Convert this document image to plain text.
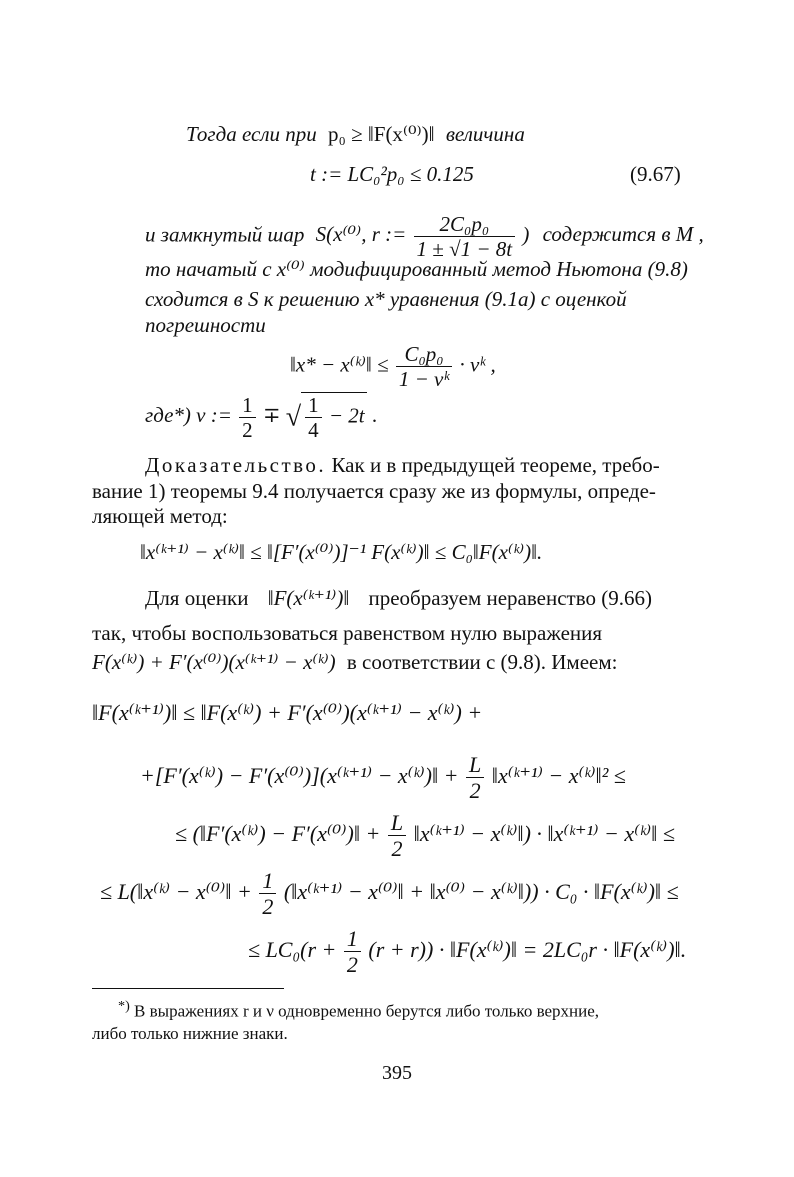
Тогда если при p₀ ≥ ‖F(x⁽⁰⁾)‖ величина
t := LC₀²p₀ ≤ 0.125	(9.67)
и замкнутый шар S(x⁽⁰⁾, r := $\frac{\text{2C₀p₀}}{1 \pm √1 - 8t}$ ) содержится в M ,
то начатый с x⁽⁰⁾ модифицированный метод Ньютона (9.8)
сходится в S к решению x* уравнения (9.1a) с оценкой
погрешности
‖x* − x⁽ᵏ⁾‖ ≤ $\frac{\text{C₀p₀}}{\text{1 − νᵏ}}$ · νᵏ ,
где*) ν := $\frac{1}{2}$ ∓ √ $\frac{1}{4} - 2t$ .
Доказательство. Как и в предыдущей теореме, требо-
вание 1) теоремы 9.4 получается сразу же из формулы, опреде-
ляющей метод:
‖x⁽ᵏ⁺¹⁾ − x⁽ᵏ⁾‖ ≤ ‖[F′(x⁽⁰⁾)]⁻¹ F(x⁽ᵏ⁾)‖ ≤ C₀‖F(x⁽ᵏ⁾)‖.
Для оценки ‖F(x⁽ᵏ⁺¹⁾)‖ преобразуем неравенство (9.66)
так, чтобы воспользоваться равенством нулю выражения
F(x⁽ᵏ⁾) + F′(x⁽⁰⁾)(x⁽ᵏ⁺¹⁾ − x⁽ᵏ⁾) в соответствии с (9.8). Имеем:
‖F(x⁽ᵏ⁺¹⁾)‖ ≤ ‖F(x⁽ᵏ⁾) + F′(x⁽⁰⁾)(x⁽ᵏ⁺¹⁾ − x⁽ᵏ⁾) +
+[F′(x⁽ᵏ⁾) − F′(x⁽⁰⁾)](x⁽ᵏ⁺¹⁾ − x⁽ᵏ⁾)‖ + $\frac{L}{2}$ ‖x⁽ᵏ⁺¹⁾ − x⁽ᵏ⁾‖² ≤
≤ (‖F′(x⁽ᵏ⁾) − F′(x⁽⁰⁾)‖ + $\frac{L}{2}$ ‖x⁽ᵏ⁺¹⁾ − x⁽ᵏ⁾‖) · ‖x⁽ᵏ⁺¹⁾ − x⁽ᵏ⁾‖ ≤
≤ L(‖x⁽ᵏ⁾ − x⁽⁰⁾‖ + $\frac{1}{2}$ (‖x⁽ᵏ⁺¹⁾ − x⁽⁰⁾‖ + ‖x⁽⁰⁾ − x⁽ᵏ⁾‖)) · C₀ · ‖F(x⁽ᵏ⁾)‖ ≤
≤ $LC_0(r + \frac{1}{2} (r + r))$ · ‖F(x⁽ᵏ⁾)‖ = 2LC₀r · ‖F(x⁽ᵏ⁾)‖.
*) В выражениях r и ν одновременно берутся либо только верхние,
либо только нижние знаки.
395
